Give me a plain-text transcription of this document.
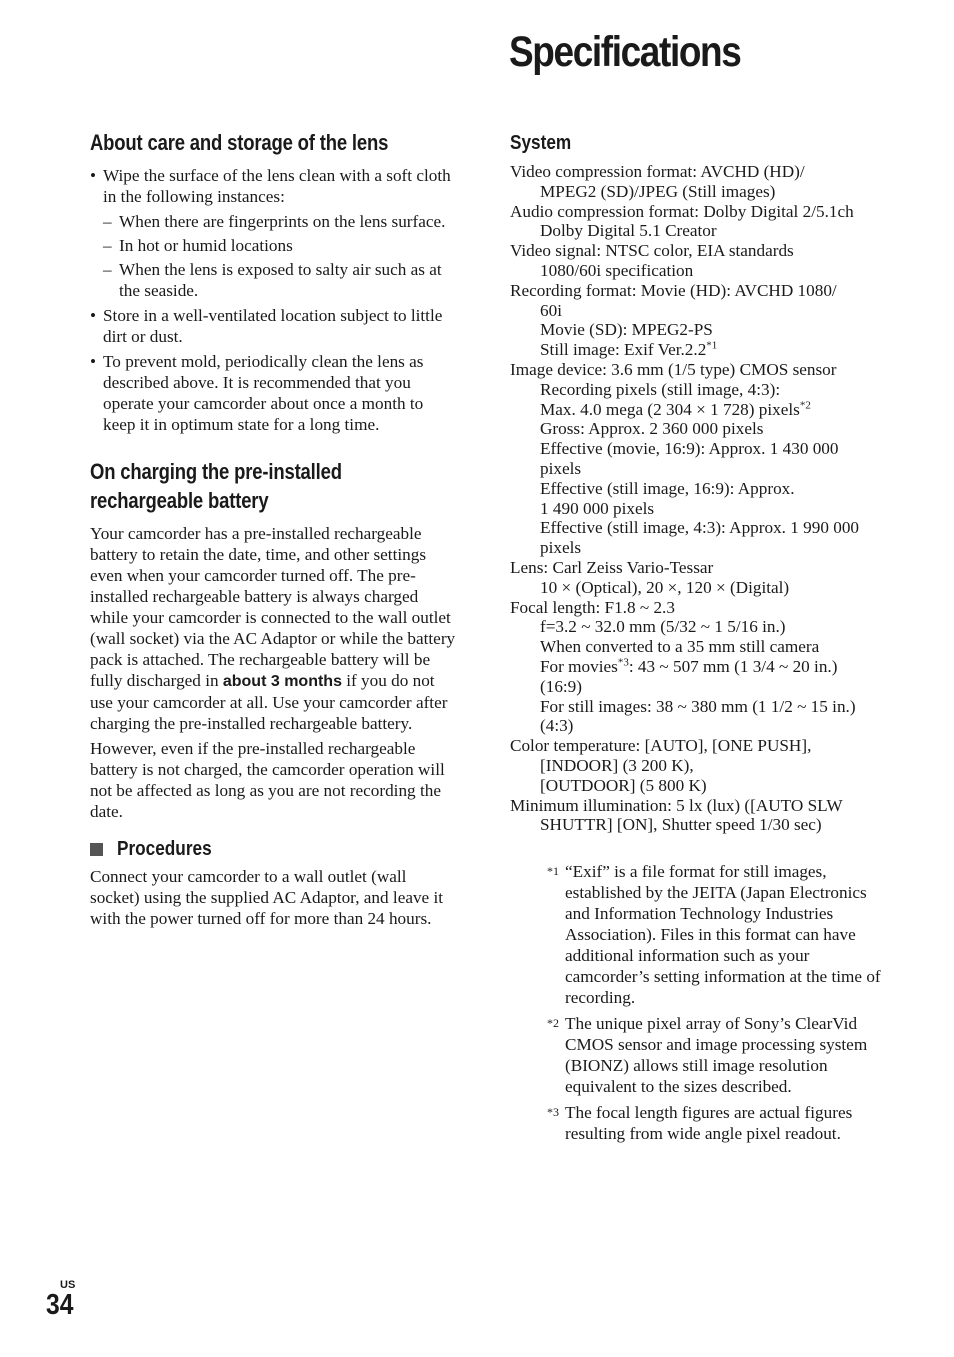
Specifications
About care and storage of the lens
• Wipe the surface of the lens clean with a soft cloth in the following instances:
– When there are fingerprints on the lens surface.
– In hot or humid locations
– When the lens is exposed to salty air such as at the seaside.
• Store in a well-ventilated location subject to little dirt or dust.
• To prevent mold, periodically clean the lens as described above. It is recommended that you operate your camcorder about once a month to keep it in optimum state for a long time.
On charging the pre-installed
rechargeable battery

Your camcorder has a pre-installed rechargeable battery to retain the date, time, and other settings even when your camcorder turned off. The pre-installed rechargeable battery is always charged while your camcorder is connected to the wall outlet (wall socket) via the AC Adaptor or while the battery pack is attached. The rechargeable battery will be fully discharged in about 3 months if you do not use your camcorder at all. Use your camcorder after charging the pre-installed rechargeable battery.

However, even if the pre-installed rechargeable battery is not charged, the camcorder operation will not be affected as long as you are not recording the date.

Procedures

Connect your camcorder to a wall outlet (wall socket) using the supplied AC Adaptor, and leave it with the power turned off for more than 24 hours.

System

Video compression format: AVCHD (HD)/

MPEG2 (SD)/JPEG (Still images)

Audio compression format: Dolby Digital 2/5.1ch

Dolby Digital 5.1 Creator

Video signal: NTSC color, EIA standards

1080/60i specification

Recording format: Movie (HD): AVCHD 1080/

60i

Movie (SD): MPEG2-PS

Still image: Exif Ver.2.2$^{*1}$

Image device: 3.6 mm (1/5 type) CMOS sensor

Recording pixels (still image, 4:3):

Max. 4.0 mega (2 304 × 1 728) pixels$^{*2}$

Gross: Approx. 2 360 000 pixels

Effective (movie, 16:9): Approx. 1 430 000

pixels

Effective (still image, 16:9): Approx.

1 490 000 pixels

Effective (still image, 4:3): Approx. 1 990 000

pixels

Lens: Carl Zeiss Vario-Tessar

10 × (Optical), 20 ×, 120 × (Digital)

Focal length: F1.8 ~ 2.3

f=3.2 ~ 32.0 mm (5/32 ~ 1 5/16 in.)

When converted to a 35 mm still camera

For movies$^{*3}$: 43 ~ 507 mm (1 3/4 ~ 20 in.)

(16:9)

For still images: 38 ~ 380 mm (1 1/2 ~ 15 in.)

(4:3)

Color temperature: [AUTO], [ONE PUSH],

[INDOOR] (3 200 K),

[OUTDOOR] (5 800 K)

Minimum illumination: 5 lx (lux) ([AUTO SLW

SHUTTR] [ON], Shutter speed 1/30 sec)

*1 “Exif” is a file format for still images, established by the JEITA (Japan Electronics and Information Technology Industries Association). Files in this format can have additional information such as your camcorder’s setting information at the time of recording.

*2 The unique pixel array of Sony’s ClearVid CMOS sensor and image processing system (BIONZ) allows still image resolution equivalent to the sizes described.

*3 The focal length figures are actual figures resulting from wide angle pixel readout.

US
34
